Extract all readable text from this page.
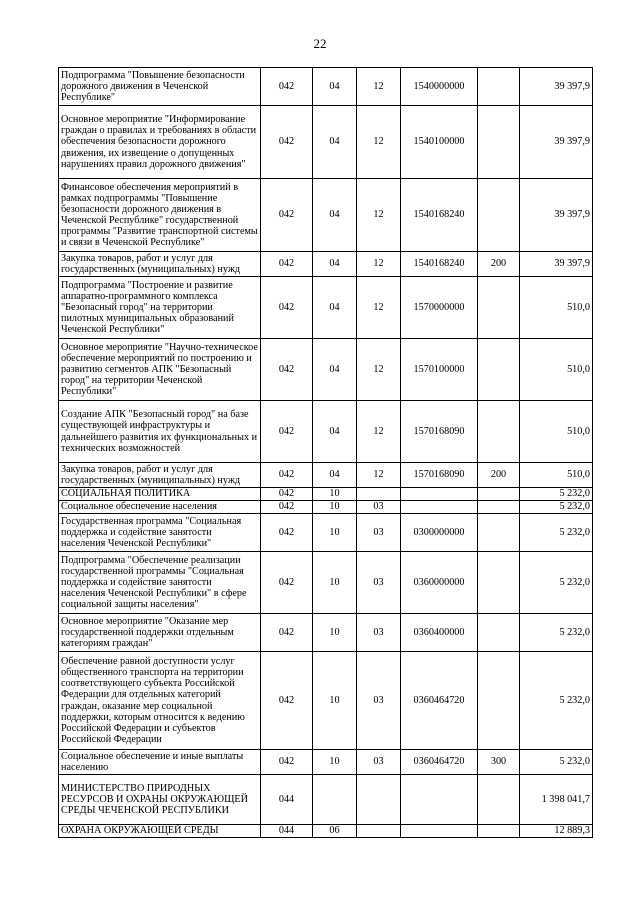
22
Подпрограмма "Повышение безопасности дорожного движения в Чеченской Республике"	042	04	12	1540000000		39 397,9
Основное мероприятие "Информирование граждан о правилах и требованиях в области обеспечения безопасности дорожного движения, их извещение о допущенных нарушениях правил дорожного движения"	042	04	12	1540100000		39 397,9
Финансовое обеспечения мероприятий в рамках подпрограммы "Повышение безопасности дорожного движения в Чеченской Республике" государственной программы "Развитие транспортной системы и связи в Чеченской Республике"	042	04	12	1540168240		39 397,9
Закупка товаров, работ и услуг для государственных (муниципальных) нужд	042	04	12	1540168240	200	39 397,9
Подпрограмма "Построение и развитие аппаратно-программного комплекса "Безопасный город" на территории пилотных муниципальных образований Чеченской Республики"	042	04	12	1570000000		510,0
Основное мероприятие "Научно-техническое обеспечение мероприятий по построению и развитию сегментов АПК "Безопасный город" на территории Чеченской Республики"	042	04	12	1570100000		510,0
Создание АПК "Безопасный город" на базе существующей инфраструктуры и дальнейшего развития их функциональных и технических возможностей	042	04	12	1570168090		510,0
Закупка товаров, работ и услуг для государственных (муниципальных) нужд	042	04	12	1570168090	200	510,0
СОЦИАЛЬНАЯ ПОЛИТИКА	042	10				5 232,0
Социальное обеспечение населения	042	10	03			5 232,0
Государственная программа "Социальная поддержка и содействие занятости населения Чеченской Республики"	042	10	03	0300000000		5 232,0
Подпрограмма "Обеспечение реализации государственной программы "Социальная поддержка и содействие занятости населения Чеченской Республики" в сфере социальной защиты населения"	042	10	03	0360000000		5 232,0
Основное мероприятие "Оказание мер государственной поддержки отдельным категориям граждан"	042	10	03	0360400000		5 232,0
Обеспечение равной доступности услуг общественного транспорта на территории соответствующего субъекта Российской Федерации для отдельных категорий граждан, оказание мер социальной поддержки, которым относится к ведению Российской Федерации и субъектов Российской Федерации	042	10	03	0360464720		5 232,0
Социальное обеспечение и иные выплаты населению	042	10	03	0360464720	300	5 232,0
МИНИСТЕРСТВО ПРИРОДНЫХ РЕСУРСОВ И ОХРАНЫ ОКРУЖАЮЩЕЙ СРЕДЫ ЧЕЧЕНСКОЙ РЕСПУБЛИКИ	044					1 398 041,7
ОХРАНА ОКРУЖАЮЩЕЙ СРЕДЫ	044	06				12 889,3
